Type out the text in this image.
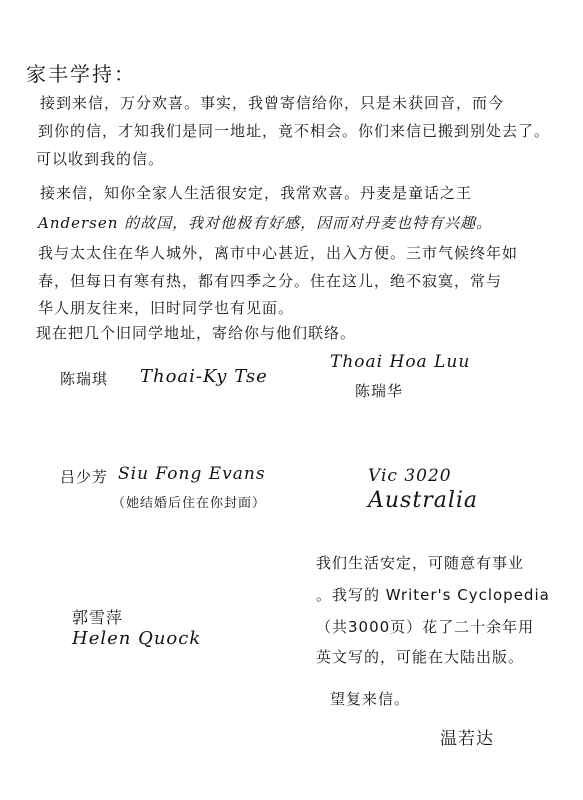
家丰学持：
接到来信，万分欢喜。事实，我曾寄信给你，只是未获回音，而今
到你的信，才知我们是同一地址，竟不相会。你们来信已搬到别处去了。
可以收到我的信。
接来信，知你全家人生活很安定，我常欢喜。丹麦是童话之王
Andersen 的故国，我对他极有好感，因而对丹麦也特有兴趣。
我与太太住在华人城外，离市中心甚近，出入方便。三市气候终年如
春，但每日有寒有热，都有四季之分。住在这儿，绝不寂寞，常与
华人朋友往来，旧时同学也有见面。
现在把几个旧同学地址，寄给你与他们联络。
陈瑞琪 Thoai-Ky Tse
Thoai Hoa Luu
陈瑞华
吕少芳 Siu Fong Evans
（她结婚后住在你封面）
Vic 3020
Australia
郭雪萍
Helen Quock
我们生活安定，可随意有事业
。我写的 Writer's Cyclopedia
（共3000页）花了二十余年用
英文写的，可能在大陆出版。
望复来信。
温若达
